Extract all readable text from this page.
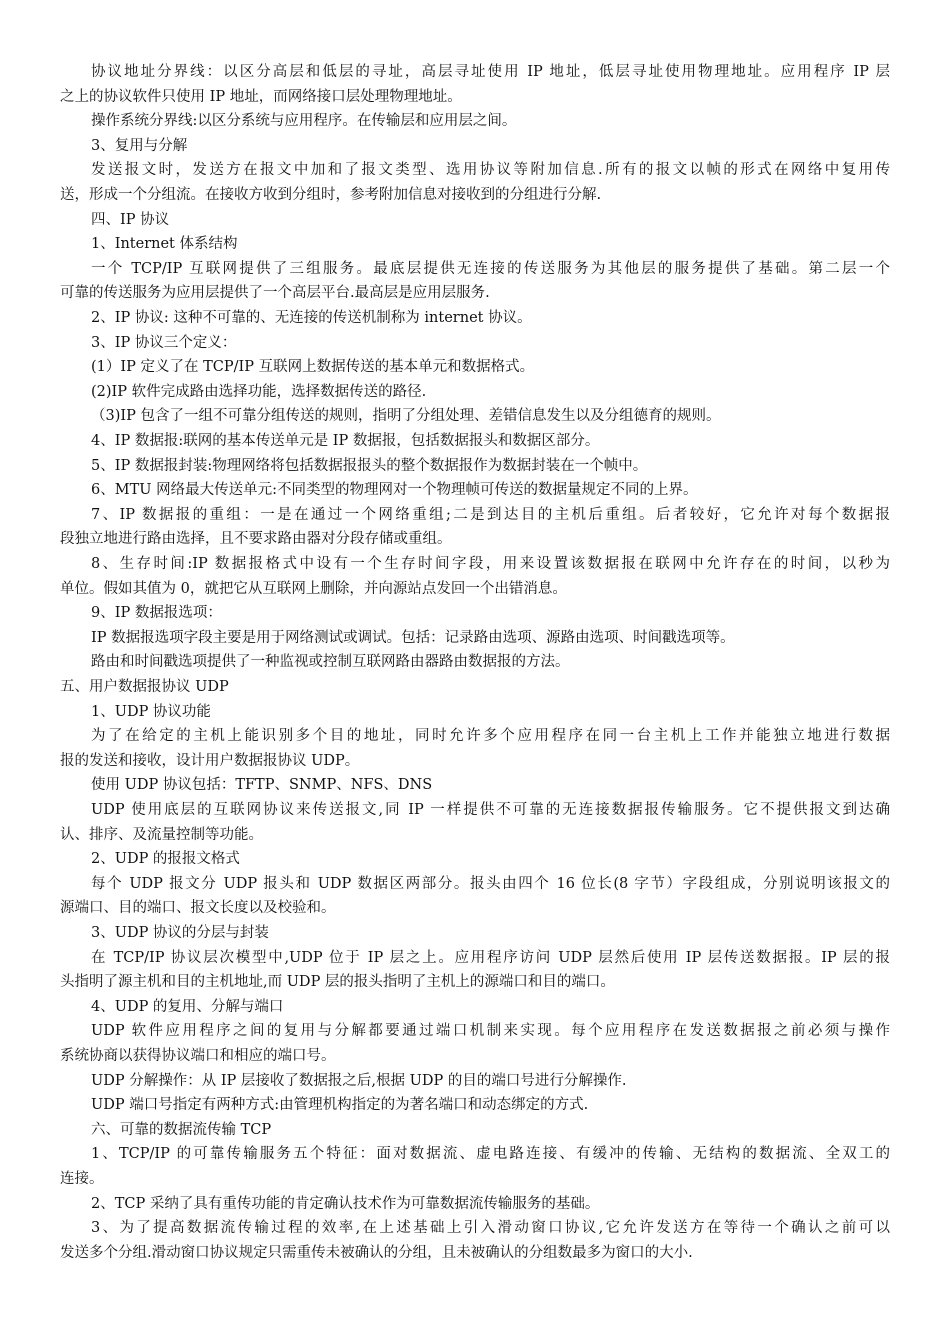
协议地址分界线：以区分高层和低层的寻址，高层寻址使用 IP 地址，低层寻址使用物理地址。应用程序 IP 层
之上的协议软件只使用 IP 地址，而网络接口层处理物理地址。
操作系统分界线:以区分系统与应用程序。在传输层和应用层之间。
3、复用与分解
发送报文时，发送方在报文中加和了报文类型、选用协议等附加信息.所有的报文以帧的形式在网络中复用传
送，形成一个分组流。在接收方收到分组时，参考附加信息对接收到的分组进行分解.
四、IP 协议
1、Internet 体系结构
一个 TCP/IP 互联网提供了三组服务。最底层提供无连接的传送服务为其他层的服务提供了基础。第二层一个
可靠的传送服务为应用层提供了一个高层平台.最高层是应用层服务.
2、IP 协议: 这种不可靠的、无连接的传送机制称为 internet 协议。
3、IP 协议三个定义：
(1）IP 定义了在 TCP/IP 互联网上数据传送的基本单元和数据格式。
(2)IP 软件完成路由选择功能，选择数据传送的路径.
（3)IP 包含了一组不可靠分组传送的规则，指明了分组处理、差错信息发生以及分组德育的规则。
4、IP 数据报:联网的基本传送单元是 IP 数据报，包括数据报头和数据区部分。
5、IP 数据报封装:物理网络将包括数据报报头的整个数据报作为数据封装在一个帧中。
6、MTU 网络最大传送单元:不同类型的物理网对一个物理帧可传送的数据量规定不同的上界。
7、IP 数据报的重组：一是在通过一个网络重组;二是到达目的主机后重组。后者较好，它允许对每个数据报
段独立地进行路由选择，且不要求路由器对分段存储或重组。
8、生存时间:IP 数据报格式中设有一个生存时间字段，用来设置该数据报在联网中允许存在的时间，以秒为
单位。假如其值为 0，就把它从互联网上删除，并向源站点发回一个出错消息。
9、IP 数据报选项：
IP 数据报选项字段主要是用于网络测试或调试。包括：记录路由选项、源路由选项、时间戳选项等。
路由和时间戳选项提供了一种监视或控制互联网路由器路由数据报的方法。
五、用户数据报协议 UDP
1、UDP 协议功能
为了在给定的主机上能识别多个目的地址，同时允许多个应用程序在同一台主机上工作并能独立地进行数据
报的发送和接收，设计用户数据报协议 UDP。
使用 UDP 协议包括：TFTP、SNMP、NFS、DNS
UDP 使用底层的互联网协议来传送报文,同 IP 一样提供不可靠的无连接数据报传输服务。它不提供报文到达确
认、排序、及流量控制等功能。
2、UDP 的报报文格式
每个 UDP 报文分 UDP 报头和 UDP 数据区两部分。报头由四个 16 位长(8 字节）字段组成，分别说明该报文的
源端口、目的端口、报文长度以及校验和。
3、UDP 协议的分层与封装
在 TCP/IP 协议层次模型中,UDP 位于 IP 层之上。应用程序访问 UDP 层然后使用 IP 层传送数据报。IP 层的报
头指明了源主机和目的主机地址,而 UDP 层的报头指明了主机上的源端口和目的端口。
4、UDP 的复用、分解与端口
UDP 软件应用程序之间的复用与分解都要通过端口机制来实现。每个应用程序在发送数据报之前必须与操作
系统协商以获得协议端口和相应的端口号。
UDP 分解操作：从 IP 层接收了数据报之后,根据 UDP 的目的端口号进行分解操作.
UDP 端口号指定有两种方式:由管理机构指定的为著名端口和动态绑定的方式.
六、可靠的数据流传输 TCP
1、TCP/IP 的可靠传输服务五个特征：面对数据流、虚电路连接、有缓冲的传输、无结构的数据流、全双工的
连接。
2、TCP 采纳了具有重传功能的肯定确认技术作为可靠数据流传输服务的基础。
3、为了提高数据流传输过程的效率,在上述基础上引入滑动窗口协议,它允许发送方在等待一个确认之前可以
发送多个分组.滑动窗口协议规定只需重传未被确认的分组，且未被确认的分组数最多为窗口的大小.
